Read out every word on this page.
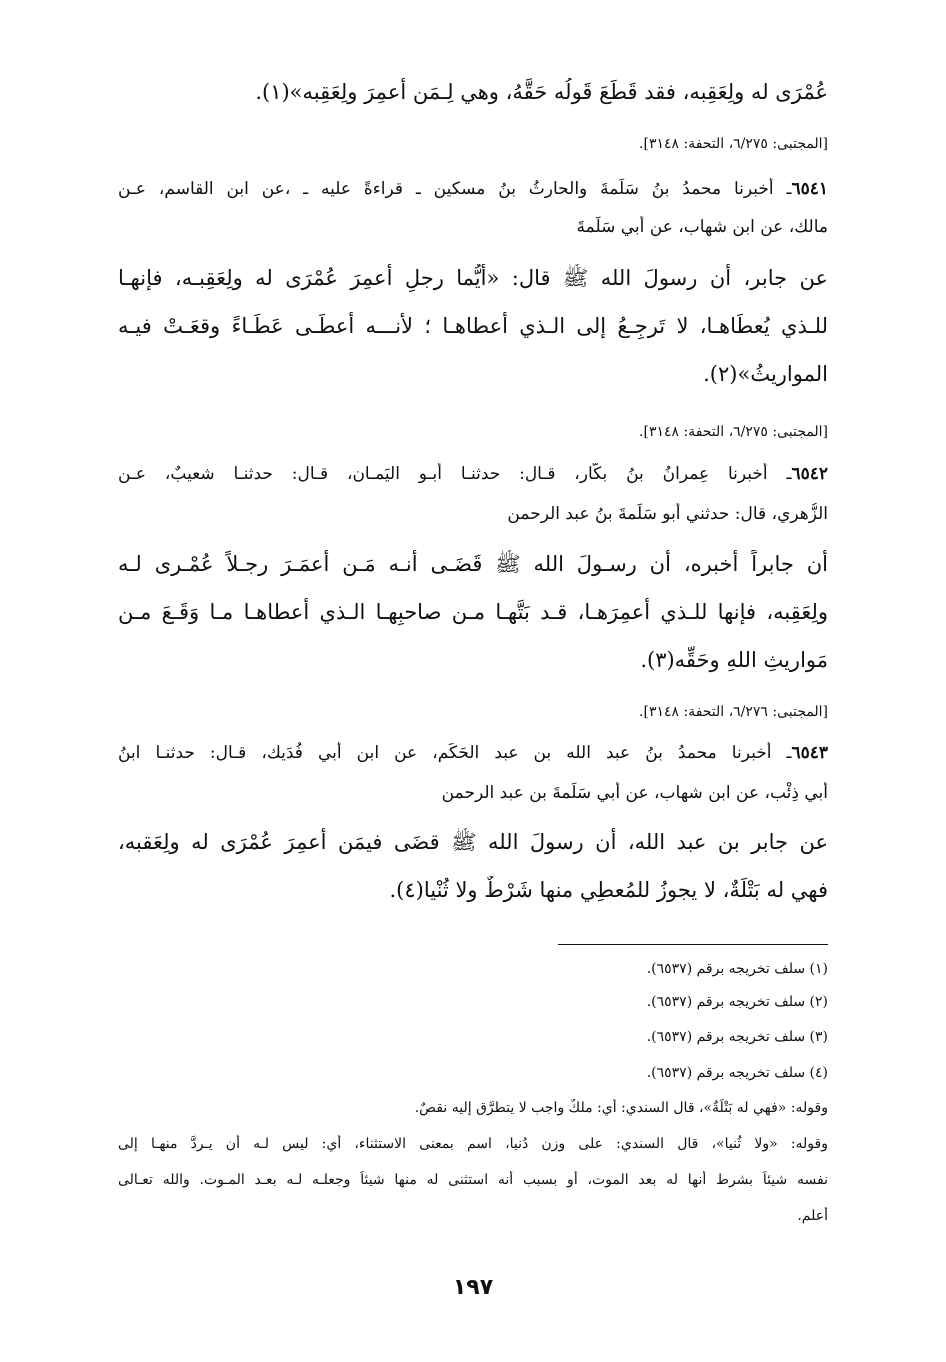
عُمْرَى له ولِعَقِبه، فقد قَطَعَ قَولُه حَقَّهُ، وهي لِـمَن أُعمِرَ ولِعَقِبه»(١).
[المجتبى: ٦/٢٧٥، التحفة: ٣١٤٨].
٦٥٤١ـ أخبرنا محمدُ بنُ سَلَمةَ والحارثُ بنُ مسكين ـ قراءةً عليه ـ ،عن ابن القاسم، عـن
مالك، عن ابن شهاب، عن أبي سَلَمةَ
عن جابر، أن رسولَ الله ﷺ قال: «أيُّما رجلٍ أُعمِرَ عُمْرَى له ولِعَقِبـه، فإنهـا
للـذي يُعطَاهـا، لا تَرجِـعُ إلى الـذي أعطاهـا ؛ لأنـــه أَعطَـى عَطَـاءً وقعَـتْ فيـه
المواريثُ»(٢).
[المجتبى: ٦/٢٧٥، التحفة: ٣١٤٨].
٦٥٤٢ـ أخبرنا عِمرانُ بنُ بكَّار، قـال: حدثنـا أبـو اليَمـان، قـال: حدثنـا شعيبٌ، عـن
الزُّهري، قال: حدثني أبو سَلَمةَ بنُ عبد الرحمن
أن جابراً أخبره، أن رسـولَ الله ﷺ قَضَـى أنـه مَـن أعمَـرَ رجـلاً عُمْـرى لـه
ولِعَقِبه، فإنها للـذي أُعمِرَهـا، قـد بَتَّهـا مـن صاحبِهـا الـذي أعطاهـا مـا وَقَـعَ مـن
مَواريثِ اللهِ وحَقِّه(٣).
[المجتبى: ٦/٢٧٦، التحفة: ٣١٤٨].
٦٥٤٣ـ أخبرنا محمدُ بنُ عبد الله بن عبد الحَكَم، عن ابن أبي فُدَيك، قـال: حدثنـا ابنُ
أبي ذِئْب، عن ابن شهاب، عن أبي سَلَمةَ بن عبد الرحمن
عن جابر بن عبد الله، أن رسولَ الله ﷺ قضَى فيمَن أُعمِرَ عُمْرَى له ولِعَقبه،
فهي له بَتْلَةٌ، لا يجوزُ للمُعطِي منها شَرْطٌ ولا ثُنْيا(٤).
(١) سلف تخريجه برقم (٦٥٣٧).
(٢) سلف تخريجه برقم (٦٥٣٧).
(٣) سلف تخريجه برقم (٦٥٣٧).
(٤) سلف تخريجه برقم (٦٥٣٧).
وقوله: «فهي له بَتْلَةٌ»، قال السندي: أي: ملكٌ واجب لا يتطرَّق إليه نقصٌ.
وقوله: «ولا ثُنيا»، قال السندي: على وزن دُنيا، اسم بمعنى الاستثناء، أي: ليس لـه أن يـردَّ منهـا إلى
نفسه شيئاً بشرط أنها له بعد الموت، أو بسبب أنه استثنى له منها شيئاً وجعلـه لـه بعـد المـوت. والله تعـالى
أعلم.
١٩٧
